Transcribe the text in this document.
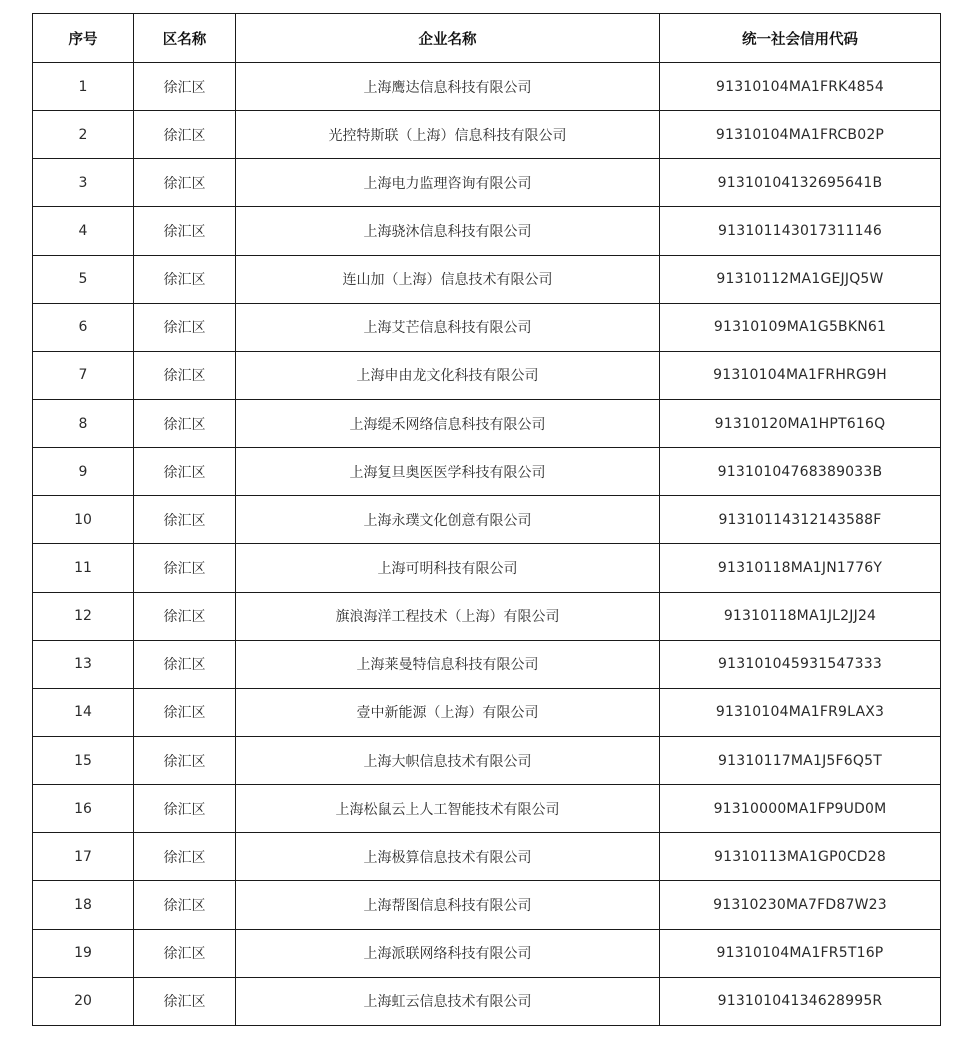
序号	区名称	企业名称	统一社会信用代码
1	徐汇区	上海鹰达信息科技有限公司	91310104MA1FRK4854
2	徐汇区	光控特斯联（上海）信息科技有限公司	91310104MA1FRCB02P
3	徐汇区	上海电力监理咨询有限公司	91310104132695641B
4	徐汇区	上海骁沐信息科技有限公司	913101143017311146
5	徐汇区	连山加（上海）信息技术有限公司	91310112MA1GEJJQ5W
6	徐汇区	上海艾芒信息科技有限公司	91310109MA1G5BKN61
7	徐汇区	上海申由龙文化科技有限公司	91310104MA1FRHRG9H
8	徐汇区	上海缇禾网络信息科技有限公司	91310120MA1HPT616Q
9	徐汇区	上海复旦奥医医学科技有限公司	91310104768389033B
10	徐汇区	上海永璞文化创意有限公司	91310114312143588F
11	徐汇区	上海可明科技有限公司	91310118MA1JN1776Y
12	徐汇区	旗浪海洋工程技术（上海）有限公司	91310118MA1JL2JJ24
13	徐汇区	上海莱曼特信息科技有限公司	913101045931547333
14	徐汇区	壹中新能源（上海）有限公司	91310104MA1FR9LAX3
15	徐汇区	上海大帜信息技术有限公司	91310117MA1J5F6Q5T
16	徐汇区	上海松鼠云上人工智能技术有限公司	91310000MA1FP9UD0M
17	徐汇区	上海极算信息技术有限公司	91310113MA1GP0CD28
18	徐汇区	上海帮图信息科技有限公司	91310230MA7FD87W23
19	徐汇区	上海派联网络科技有限公司	91310104MA1FR5T16P
20	徐汇区	上海虹云信息技术有限公司	91310104134628995R
